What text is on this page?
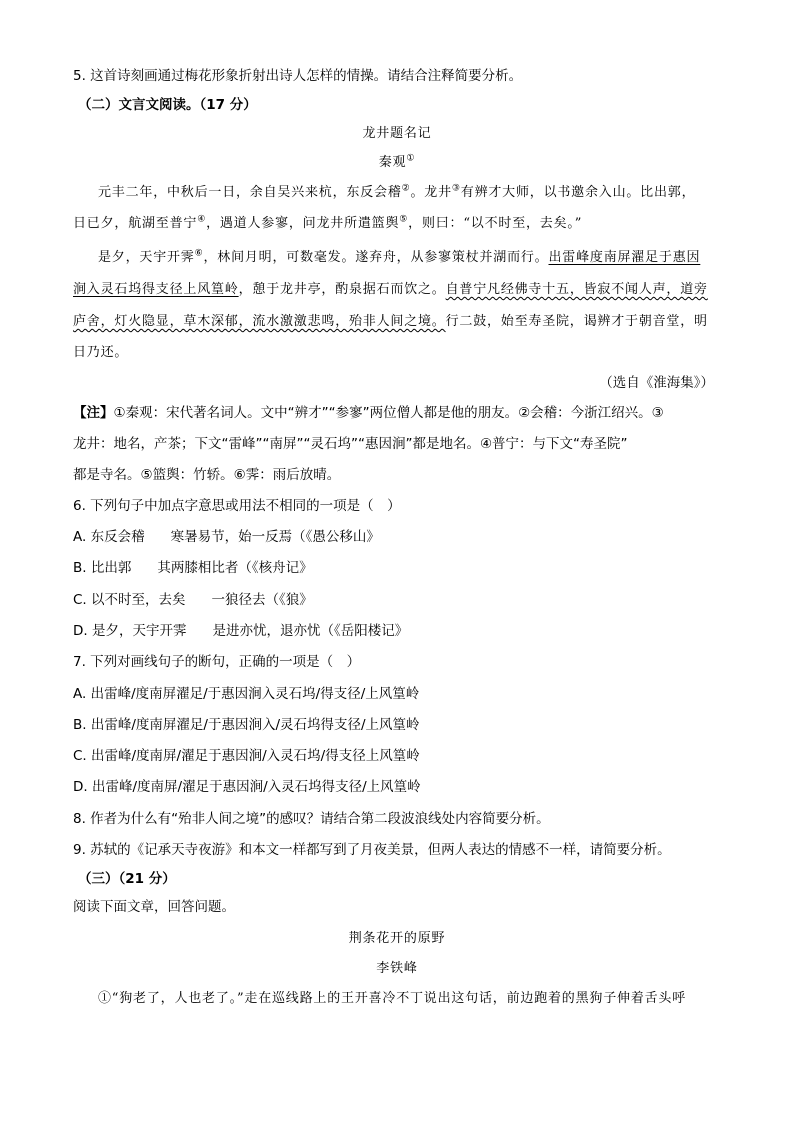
5. 这首诗刻画通过梅花形象折射出诗人怎样的情操。请结合注释简要分析。
（二）文言文阅读。（17 分）
龙井题名记
秦观①
元丰二年，中秋后一日，余自吴兴来杭，东反会稽②。龙井③有辨才大师，以书邀余入山。比出郭，
日已夕，航湖至普宁④，遇道人参寥，问龙井所遣篮舆⑤，则曰：“以不时至，去矣。”
是夕，天宇开霁⑥，林间月明，可数毫发。遂弃舟，从参寥策杖并湖而行。出雷峰度南屏濯足于惠因
涧入灵石坞得支径上风篁岭，憩于龙井亭，酌泉据石而饮之。自普宁凡经佛寺十五，皆寂不闻人声，道旁
庐舍，灯火隐显，草木深郁，流水激激悲鸣，殆非人间之境。行二鼓，始至寿圣院，谒辨才于朝音堂，明
日乃还。
（选自《淮海集》）
【注】①秦观：宋代著名词人。文中“辨才”“参寥”两位僧人都是他的朋友。②会稽：今浙江绍兴。③
龙井：地名，产茶；下文“雷峰”“南屏”“灵石坞”“惠因涧”都是地名。④普宁：与下文“寿圣院”
都是寺名。⑤篮舆：竹轿。⑥霁：雨后放晴。
6. 下列句子中加点字意思或用法不相同的一项是（　）
A. 东反会稽 寒暑易节，始一反焉（《愚公移山》
B. 比出郭 其两膝相比者（《核舟记》
C. 以不时至，去矣 一狼径去（《狼》
D. 是夕，天宇开霁 是进亦忧，退亦忧（《岳阳楼记》
7. 下列对画线句子的断句，正确的一项是（　）
A. 出雷峰/度南屏濯足/于惠因涧入灵石坞/得支径/上风篁岭
B. 出雷峰/度南屏濯足/于惠因涧入/灵石坞得支径/上风篁岭
C. 出雷峰/度南屏/濯足于惠因涧/入灵石坞/得支径上风篁岭
D. 出雷峰/度南屏/濯足于惠因涧/入灵石坞得支径/上风篁岭
8. 作者为什么有“殆非人间之境”的感叹？请结合第二段波浪线处内容简要分析。
9. 苏轼的《记承天寺夜游》和本文一样都写到了月夜美景，但两人表达的情感不一样，请简要分析。
（三）（21 分）
阅读下面文章，回答问题。
荆条花开的原野
李铁峰
①“狗老了，人也老了。”走在巡线路上的王开喜冷不丁说出这句话，前边跑着的黑狗子伸着舌头呼
